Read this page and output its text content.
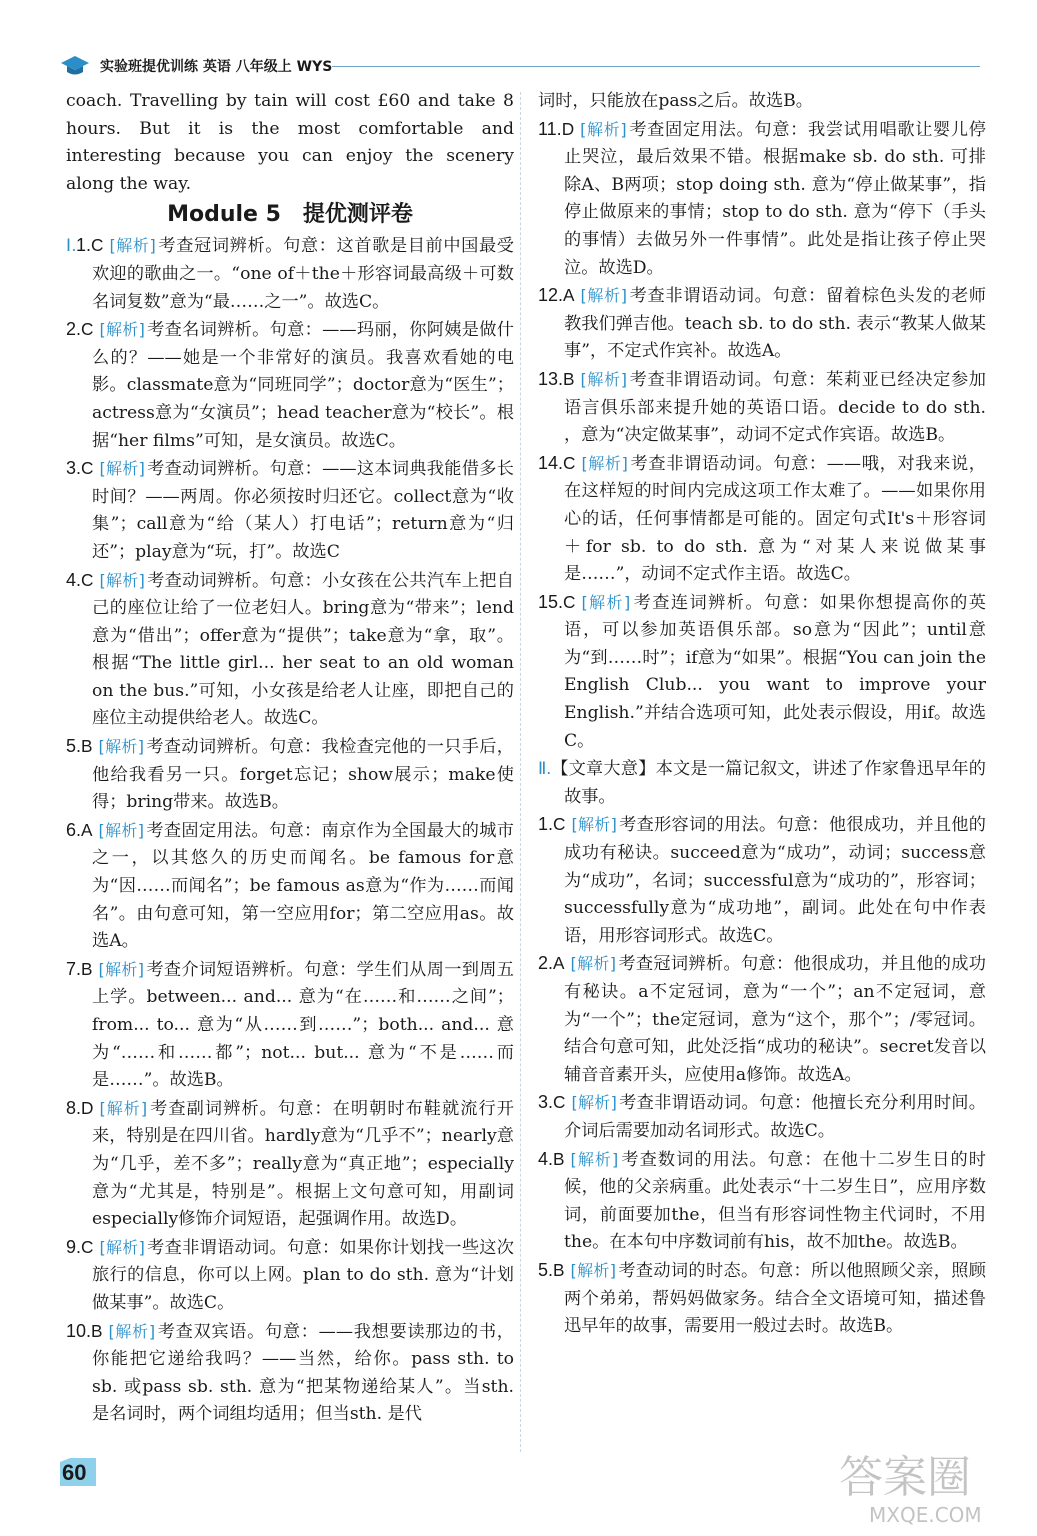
实验班提优训练 英语 八年级上 WYS

coach. Travelling by tain will cost £60 and take 8 hours. But it is the most comfortable and interesting because you can enjoy the scenery along the way.

Module 5　提优测评卷

Ⅰ.1.C [解析] 考查冠词辨析。句意：这首歌是目前中国最受欢迎的歌曲之一。“one of＋the＋形容词最高级＋可数名词复数”意为“最……之一”。故选C。

2.C [解析] 考查名词辨析。句意：——玛丽，你阿姨是做什么的？——她是一个非常好的演员。我喜欢看她的电影。classmate意为“同班同学”；doctor意为“医生”；actress意为“女演员”；head teacher意为“校长”。根据“her films”可知，是女演员。故选C。

3.C [解析] 考查动词辨析。句意：——这本词典我能借多长时间？——两周。你必须按时归还它。collect意为“收集”；call意为“给（某人）打电话”；return意为“归还”；play意为“玩，打”。故选C

4.C [解析] 考查动词辨析。句意：小女孩在公共汽车上把自己的座位让给了一位老妇人。bring意为“带来”；lend意为“借出”；offer意为“提供”；take意为“拿，取”。根据“The little girl... her seat to an old woman on the bus.”可知，小女孩是给老人让座，即把自己的座位主动提供给老人。故选C。

5.B [解析] 考查动词辨析。句意：我检查完他的一只手后，他给我看另一只。forget忘记；show展示；make使得；bring带来。故选B。

6.A [解析] 考查固定用法。句意：南京作为全国最大的城市之一，以其悠久的历史而闻名。be famous for意为“因……而闻名”；be famous as意为“作为……而闻名”。由句意可知，第一空应用for；第二空应用as。故选A。

7.B [解析] 考查介词短语辨析。句意：学生们从周一到周五上学。between... and... 意为“在……和……之间”；from... to... 意为“从……到……”；both... and... 意为“……和……都”；not... but... 意为“不是……而是……”。故选B。

8.D [解析] 考查副词辨析。句意：在明朝时布鞋就流行开来，特别是在四川省。hardly意为“几乎不”；nearly意为“几乎，差不多”；really意为“真正地”；especially意为“尤其是，特别是”。根据上文句意可知，用副词especially修饰介词短语，起强调作用。故选D。

9.C [解析] 考查非谓语动词。句意：如果你计划找一些这次旅行的信息，你可以上网。plan to do sth. 意为“计划做某事”。故选C。

10.B [解析] 考查双宾语。句意：——我想要读那边的书，你能把它递给我吗？——当然，给你。pass sth. to sb. 或pass sb. sth. 意为“把某物递给某人”。当sth. 是名词时，两个词组均适用；但当sth. 是代

词时，只能放在pass之后。故选B。

11.D [解析] 考查固定用法。句意：我尝试用唱歌让婴儿停止哭泣，最后效果不错。根据make sb. do sth. 可排除A、B两项；stop doing sth. 意为“停止做某事”，指停止做原来的事情；stop to do sth. 意为“停下（手头的事情）去做另外一件事情”。此处是指让孩子停止哭泣。故选D。

12.A [解析] 考查非谓语动词。句意：留着棕色头发的老师教我们弹吉他。teach sb. to do sth. 表示“教某人做某事”，不定式作宾补。故选A。

13.B [解析] 考查非谓语动词。句意：茱莉亚已经决定参加语言俱乐部来提升她的英语口语。decide to do sth. ，意为“决定做某事”，动词不定式作宾语。故选B。

14.C [解析] 考查非谓语动词。句意：——哦，对我来说，在这样短的时间内完成这项工作太难了。——如果你用心的话，任何事情都是可能的。固定句式It's＋形容词＋for sb. to do sth. 意为“对某人来说做某事是……”，动词不定式作主语。故选C。

15.C [解析] 考查连词辨析。句意：如果你想提高你的英语，可以参加英语俱乐部。so意为“因此”；until意为“到……时”；if意为“如果”。根据“You can join the English Club... you want to improve your English.”并结合选项可知，此处表示假设，用if。故选C。

Ⅱ.【文章大意】本文是一篇记叙文，讲述了作家鲁迅早年的故事。

1.C [解析] 考查形容词的用法。句意：他很成功，并且他的成功有秘诀。succeed意为“成功”，动词；success意为“成功”，名词；successful意为“成功的”，形容词；successfully意为“成功地”，副词。此处在句中作表语，用形容词形式。故选C。

2.A [解析] 考查冠词辨析。句意：他很成功，并且他的成功有秘诀。a不定冠词，意为“一个”；an不定冠词，意为“一个”；the定冠词，意为“这个，那个”；/零冠词。结合句意可知，此处泛指“成功的秘诀”。secret发音以辅音音素开头，应使用a修饰。故选A。

3.C [解析] 考查非谓语动词。句意：他擅长充分利用时间。介词后需要加动名词形式。故选C。

4.B [解析] 考查数词的用法。句意：在他十二岁生日的时候，他的父亲病重。此处表示“十二岁生日”，应用序数词，前面要加the，但当有形容词性物主代词时，不用the。在本句中序数词前有his，故不加the。故选B。

5.B [解析] 考查动词的时态。句意：所以他照顾父亲，照顾两个弟弟，帮妈妈做家务。结合全文语境可知，描述鲁迅早年的故事，需要用一般过去时。故选B。

60	答案圈
MXQE.COM
